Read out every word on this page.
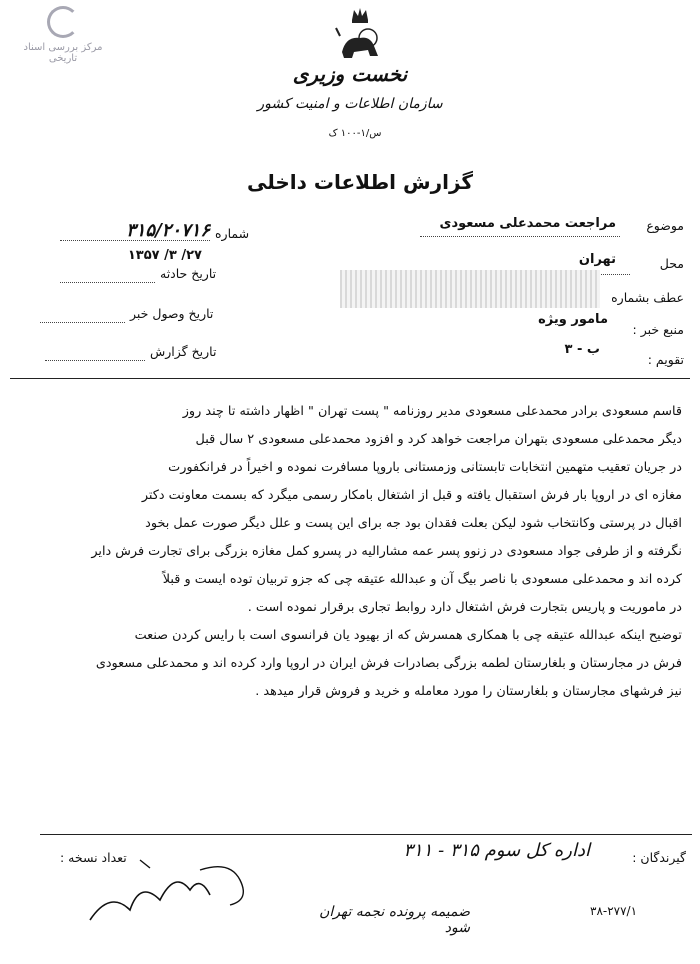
مرکز بررسی اسناد تاریخی
نخست وزیری
سازمان اطلاعات و امنیت کشور
س/۱-۱۰۰ ک
گزارش اطلاعات داخلی
موضوع
مراجعت محمدعلی مسعودی
محل
تهران
عطف بشماره
منبع خبر :
مامور ویژه
تقویم :
ب - ۳
شماره
۳۱۵/۲۰۷۱۶
۲۷/ ۳/ ۱۳۵۷
تاریخ حادثه
تاریخ وصول خبر
تاریخ گزارش

قاسم مسعودی برادر محمدعلی مسعودی مدیر روزنامه " پست تهران " اظهار داشته تا چند روز

دیگر محمدعلی مسعودی بتهران مراجعت خواهد کرد و افزود محمدعلی مسعودی ۲ سال قبل

در جریان تعقیب متهمین انتخابات تابستانی وزمستانی باروپا مسافرت نموده و اخیراً در فرانکفورت

مغازه ای در اروپا بار فرش استقبال یافته و قبل از اشتغال بامکار رسمی میگرد که بسمت معاونت دکتر

اقبال در پرستی وکانتخاب شود لیکن بعلت فقدان بود جه برای این پست و علل دیگر صورت عمل بخود

نگرفته و از طرفی جواد مسعودی در زنوو پسر عمه مشارالیه در پسرو کمل مغازه بزرگی برای تجارت فرش دایر

کرده اند و محمدعلی مسعودی با ناصر بیگ آن و عبدالله عتیقه چی که جزو تربیان توده ایست و قبلاً

در ماموریت و پاریس بتجارت فرش اشتغال دارد روابط تجاری برقرار نموده است .

توضیح اینکه عبدالله عتیقه چی با همکاری همسرش که از بهیود یان فرانسوی است با رایس کردن صنعت

فرش در مجارستان و بلغارستان لطمه بزرگی بصادرات فرش ایران در اروپا وارد کرده اند و محمدعلی مسعودی

نیز فرشهای مجارستان و بلغارستان را مورد معامله و خرید و فروش قرار میدهد .

گیرندگان :
اداره کل سوم ۳۱۵ - ۳۱۱
تعداد نسخه :
۳۸-۲۷۷/۱
ضمیمه پرونده نجمه تهران شود
